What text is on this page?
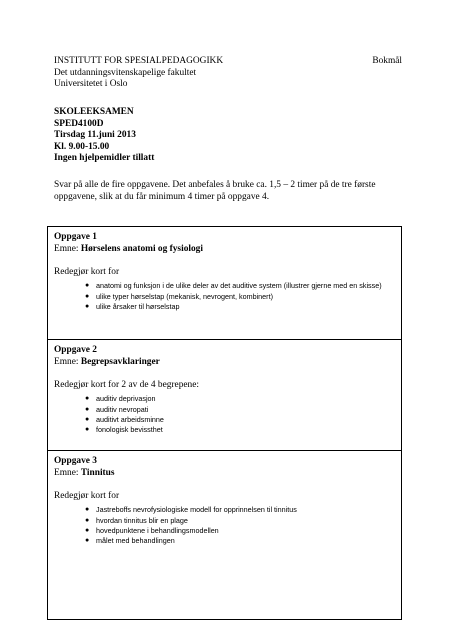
INSTITUTT FOR SPESIALPEDAGOGIKK	Bokmål
Det utdanningsvitenskapelige fakultet
Universitetet i Oslo
SKOLEEKSAMEN
SPED4100D
Tirsdag 11.juni 2013
Kl. 9.00-15.00
Ingen hjelpemidler tillatt
Svar på alle de fire oppgavene. Det anbefales å bruke ca. 1,5 – 2 timer på de tre første oppgavene, slik at du får minimum 4 timer på oppgave 4.
Oppgave 1
Emne: Hørselens anatomi og fysiologi
Redegjør kort for
● anatomi og funksjon i de ulike deler av det auditive system (illustrer gjerne med en skisse)
● ulike typer hørselstap (mekanisk, nevrogent, kombinert)
● ulike årsaker til hørselstap
Oppgave 2
Emne: Begrepsavklaringer
Redegjør kort for 2 av de 4 begrepene:
● auditiv deprivasjon
● auditiv nevropati
● auditivt arbeidsminne
● fonologisk bevissthet
Oppgave 3
Emne: Tinnitus
Redegjør kort for
● Jastreboffs nevrofysiologiske modell for opprinnelsen til tinnitus
● hvordan tinnitus blir en plage
● hovedpunktene i behandlingsmodellen
● målet med behandlingen
